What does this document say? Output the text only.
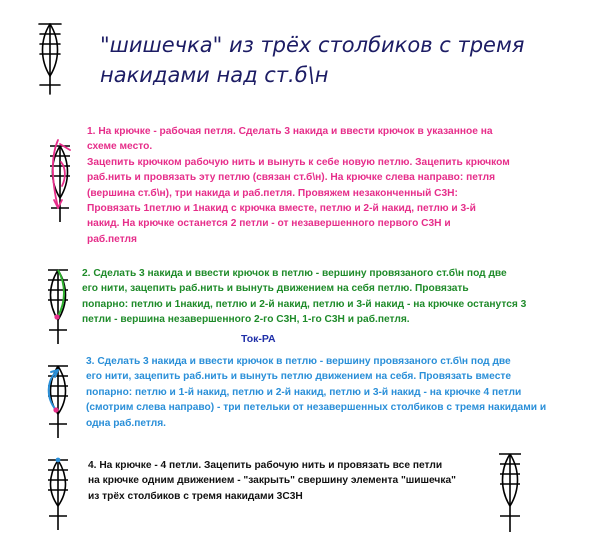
"шишечка" из трёх столбиков с тремя
накидами над ст.б\н
1. На крючке - рабочая петля. Сделать 3 накида и ввести крючок в указанное на
схеме место.
Зацепить крючком рабочую нить и вынуть к себе новую петлю. Зацепить крючком
раб.нить и провязать эту петлю (связан ст.б\н). На крючке слева направо: петля
(вершина ст.б\н), три накида и раб.петля. Провяжем незаконченный С3Н:
Провязать 1петлю и 1накид с крючка вместе, петлю и 2-й накид, петлю и 3-й
накид. На крючке останется 2 петли - от незавершенного первого С3Н и
раб.петля
2. Сделать 3 накида и ввести крючок в петлю - вершину провязаного ст.б\н под две
его нити, зацепить раб.нить и вынуть движением на себя петлю. Провязать
попарно: петлю и 1накид, петлю и 2-й накид, петлю и 3-й накид - на крючке останутся 3
петли - вершина незавершенного 2-го С3Н, 1-го С3Н и раб.петля.
Ток-РА
3. Сделать 3 накида и ввести крючок в петлю - вершину провязаного ст.б\н под две
его нити, зацепить раб.нить и вынуть петлю движением на себя. Провязать вместе
попарно: петлю и 1-й накид, петлю и 2-й накид, петлю и 3-й накид - на крючке 4 петли
(смотрим слева направо) - три петельки от незавершенных столбиков с тремя накидами и
одна раб.петля.
4. На крючке - 4 петли. Зацепить рабочую нить и провязать все петли
на крючке одним движением - "закрыть" свершину элемента "шишечка"
из трёх столбиков с тремя накидами 3С3Н
